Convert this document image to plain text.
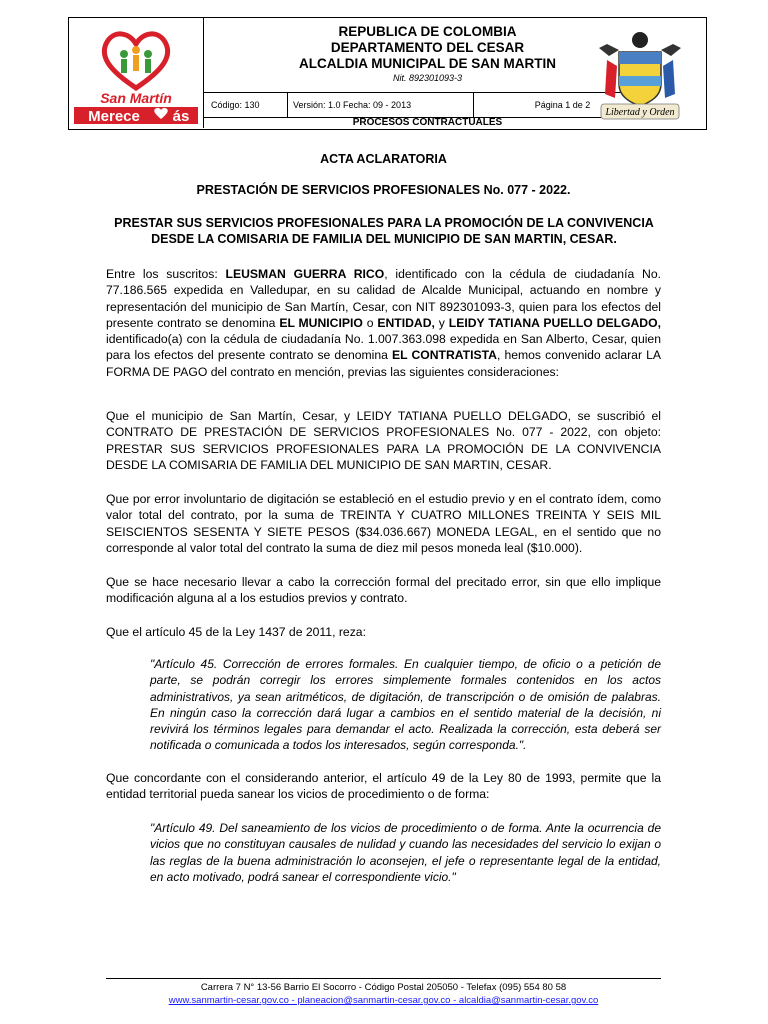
San Martín
Merece ás
REPUBLICA DE COLOMBIA
DEPARTAMENTO DEL CESAR
ALCALDIA MUNICIPAL DE SAN MARTIN
Nit. 892301093-3
Código: 130	Versión: 1.0 Fecha: 09 - 2013	Página 1 de 2
PROCESOS CONTRACTUALES
Libertad y Orden
ACTA ACLARATORIA
PRESTACIÓN DE SERVICIOS PROFESIONALES No. 077 - 2022.
PRESTAR SUS SERVICIOS PROFESIONALES PARA LA PROMOCIÓN DE LA CONVIVENCIA DESDE LA COMISARIA DE FAMILIA DEL MUNICIPIO DE SAN MARTIN, CESAR.
Entre los suscritos: LEUSMAN GUERRA RICO, identificado con la cédula de ciudadanía No. 77.186.565 expedida en Valledupar, en su calidad de Alcalde Municipal, actuando en nombre y representación del municipio de San Martín, Cesar, con NIT 892301093-3, quien para los efectos del presente contrato se denomina EL MUNICIPIO o ENTIDAD, y LEIDY TATIANA PUELLO DELGADO, identificado(a) con la cédula de ciudadanía No. 1.007.363.098 expedida en San Alberto, Cesar, quien para los efectos del presente contrato se denomina EL CONTRATISTA, hemos convenido aclarar LA FORMA DE PAGO del contrato en mención, previas las siguientes consideraciones:
Que el municipio de San Martín, Cesar, y LEIDY TATIANA PUELLO DELGADO, se suscribió el CONTRATO DE PRESTACIÓN DE SERVICIOS PROFESIONALES No. 077 - 2022, con objeto: PRESTAR SUS SERVICIOS PROFESIONALES PARA LA PROMOCIÓN DE LA CONVIVENCIA DESDE LA COMISARIA DE FAMILIA DEL MUNICIPIO DE SAN MARTIN, CESAR.
Que por error involuntario de digitación se estableció en el estudio previo y en el contrato ídem, como valor total del contrato, por la suma de TREINTA Y CUATRO MILLONES TREINTA Y SEIS MIL SEISCIENTOS SESENTA Y SIETE PESOS ($34.036.667) MONEDA LEGAL, en el sentido que no corresponde al valor total del contrato la suma de diez mil pesos moneda leal ($10.000).
Que se hace necesario llevar a cabo la corrección formal del precitado error, sin que ello implique modificación alguna al a los estudios previos y contrato.
Que el artículo 45 de la Ley 1437 de 2011, reza:
"Artículo 45. Corrección de errores formales. En cualquier tiempo, de oficio o a petición de parte, se podrán corregir los errores simplemente formales contenidos en los actos administrativos, ya sean aritméticos, de digitación, de transcripción o de omisión de palabras. En ningún caso la corrección dará lugar a cambios en el sentido material de la decisión, ni revivirá los términos legales para demandar el acto. Realizada la corrección, esta deberá ser notificada o comunicada a todos los interesados, según corresponda.".
Que concordante con el considerando anterior, el artículo 49 de la Ley 80 de 1993, permite que la entidad territorial pueda sanear los vicios de procedimiento o de forma:
"Artículo 49. Del saneamiento de los vicios de procedimiento o de forma. Ante la ocurrencia de vicios que no constituyan causales de nulidad y cuando las necesidades del servicio lo exijan o las reglas de la buena administración lo aconsejen, el jefe o representante legal de la entidad, en acto motivado, podrá sanear el correspondiente vicio."
Carrera 7 N° 13-56 Barrio El Socorro - Código Postal 205050 - Telefax (095) 554 80 58
www.sanmartin-cesar.gov.co - planeacion@sanmartin-cesar.gov.co - alcaldia@sanmartin-cesar.gov.co
